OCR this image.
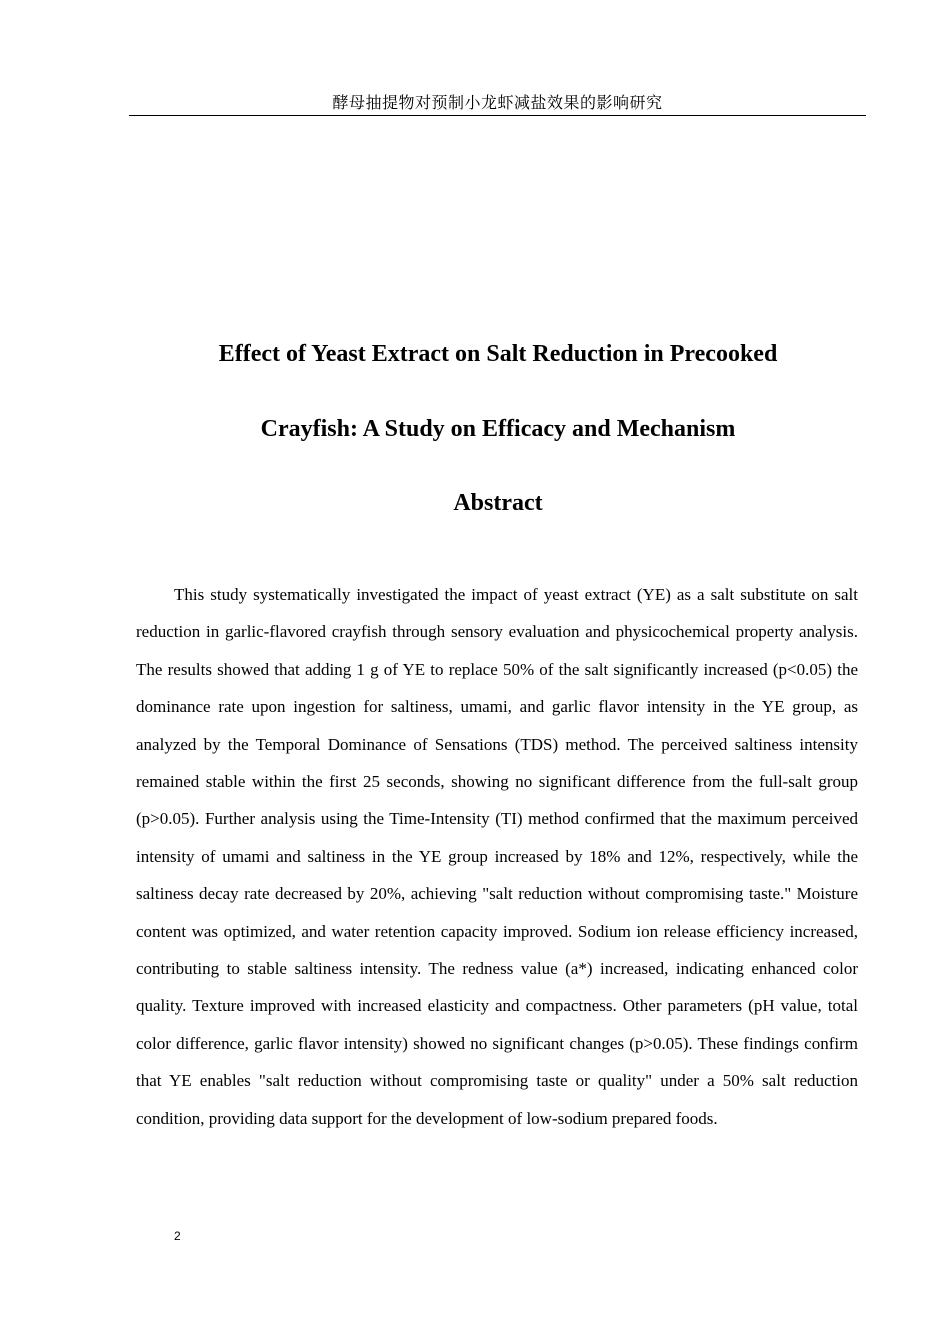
酵母抽提物对预制小龙虾减盐效果的影响研究
Effect of Yeast Extract on Salt Reduction in Precooked
Crayfish: A Study on Efficacy and Mechanism
Abstract

This study systematically investigated the impact of yeast extract (YE) as a salt substitute on salt reduction in garlic-flavored crayfish through sensory evaluation and physicochemical property analysis. The results showed that adding 1 g of YE to replace 50% of the salt significantly increased (p<0.05) the dominance rate upon ingestion for saltiness, umami, and garlic flavor intensity in the YE group, as analyzed by the Temporal Dominance of Sensations (TDS) method. The perceived saltiness intensity remained stable within the first 25 seconds, showing no significant difference from the full-salt group (p>0.05). Further analysis using the Time-Intensity (TI) method confirmed that the maximum perceived intensity of umami and saltiness in the YE group increased by 18% and 12%, respectively, while the saltiness decay rate decreased by 20%, achieving "salt reduction without compromising taste." Moisture content was optimized, and water retention capacity improved. Sodium ion release efficiency increased, contributing to stable saltiness intensity. The redness value (a*) increased, indicating enhanced color quality. Texture improved with increased elasticity and compactness. Other parameters (pH value, total color difference, garlic flavor intensity) showed no significant changes (p>0.05). These findings confirm that YE enables "salt reduction without compromising taste or quality" under a 50% salt reduction condition, providing data support for the development of low-sodium prepared foods.

2
